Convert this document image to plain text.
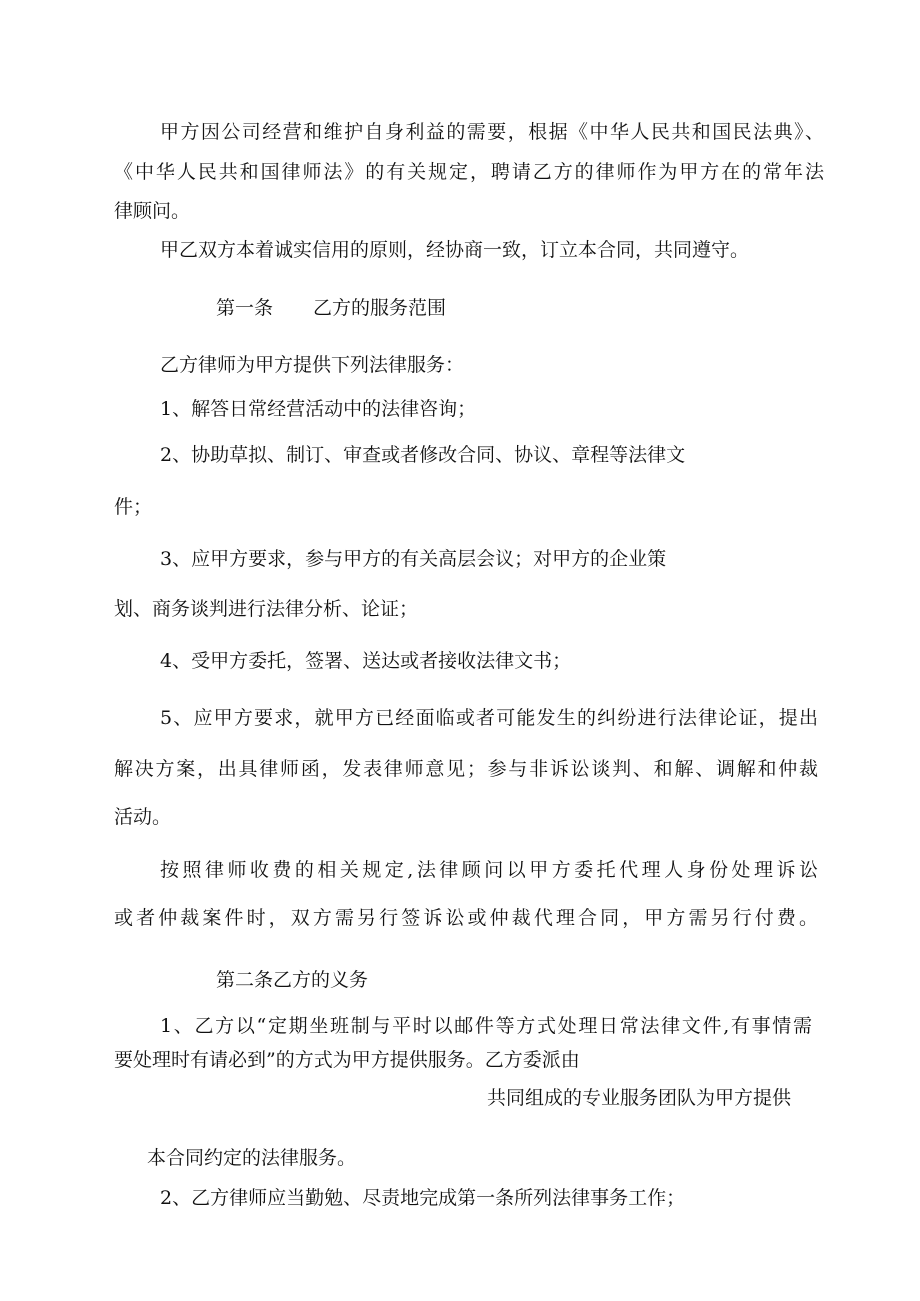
甲方因公司经营和维护自身利益的需要，根据《中华人民共和国民法典》、
《中华人民共和国律师法》的有关规定，聘请乙方的律师作为甲方在的常年法
律顾问。
甲乙双方本着诚实信用的原则，经协商一致，订立本合同，共同遵守。
第一条 乙方的服务范围
乙方律师为甲方提供下列法律服务：
1、解答日常经营活动中的法律咨询；
2、协助草拟、制订、审查或者修改合同、协议、章程等法律文
件；
3、应甲方要求，参与甲方的有关高层会议；对甲方的企业策
划、商务谈判进行法律分析、论证；
4、受甲方委托，签署、送达或者接收法律文书；
5、应甲方要求，就甲方已经面临或者可能发生的纠纷进行法律论证，提出
解决方案，出具律师函，发表律师意见；参与非诉讼谈判、和解、调解和仲裁
活动。
按照律师收费的相关规定,法律顾问以甲方委托代理人身份处理诉讼
或者仲裁案件时，双方需另行签诉讼或仲裁代理合同，甲方需另行付费。
第二条乙方的义务
1、乙方以“定期坐班制与平时以邮件等方式处理日常法律文件,有事情需
要处理时有请必到”的方式为甲方提供服务。乙方委派由
共同组成的专业服务团队为甲方提供
本合同约定的法律服务。
2、乙方律师应当勤勉、尽责地完成第一条所列法律事务工作；
